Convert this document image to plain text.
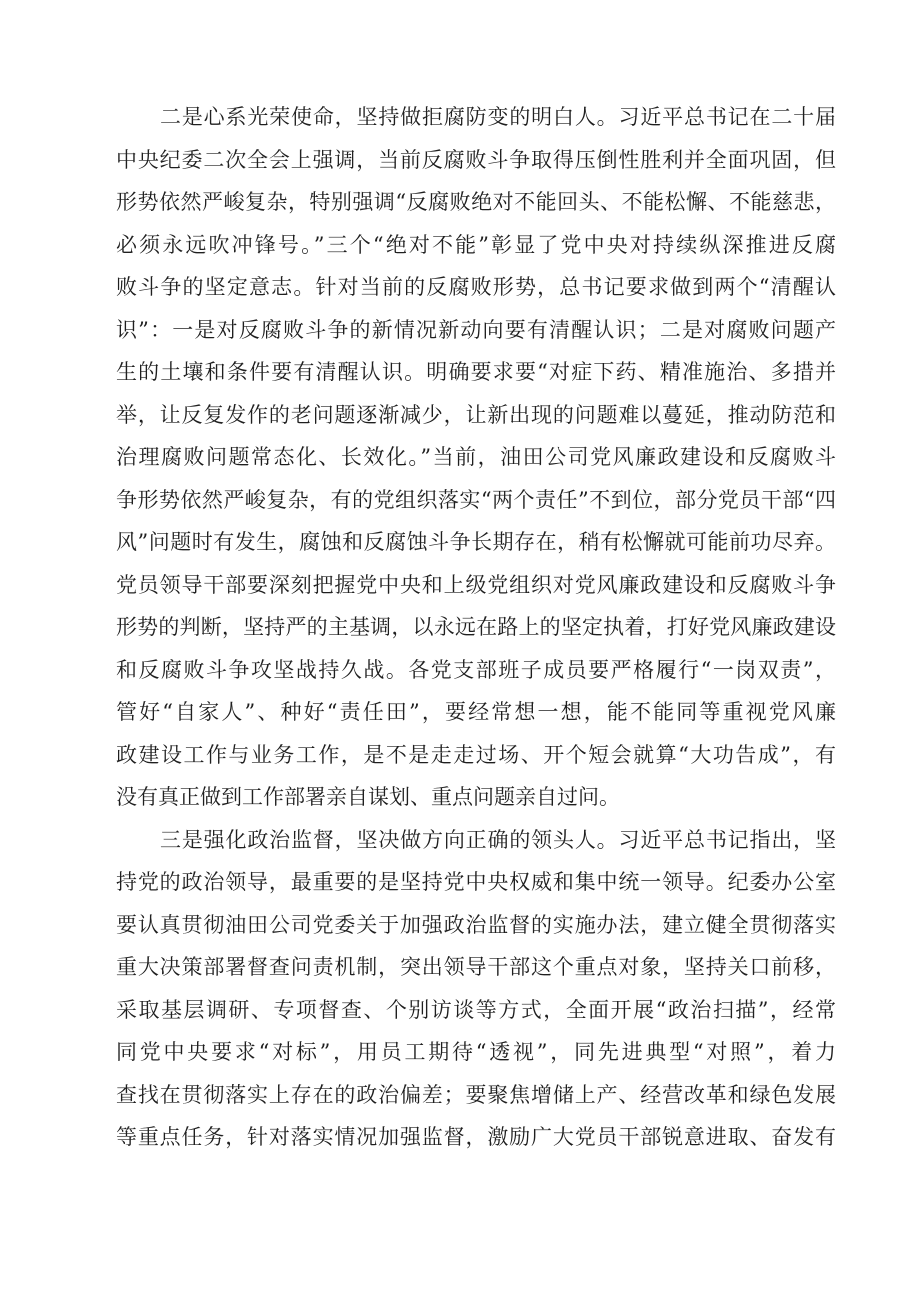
二是心系光荣使命，坚持做拒腐防变的明白人。习近平总书记在二十届
中央纪委二次全会上强调，当前反腐败斗争取得压倒性胜利并全面巩固，但
形势依然严峻复杂，特别强调“反腐败绝对不能回头、不能松懈、不能慈悲，
必须永远吹冲锋号。”三个“绝对不能”彰显了党中央对持续纵深推进反腐
败斗争的坚定意志。针对当前的反腐败形势，总书记要求做到两个“清醒认
识”：一是对反腐败斗争的新情况新动向要有清醒认识；二是对腐败问题产
生的土壤和条件要有清醒认识。明确要求要“对症下药、精准施治、多措并
举，让反复发作的老问题逐渐减少，让新出现的问题难以蔓延，推动防范和
治理腐败问题常态化、长效化。”当前，油田公司党风廉政建设和反腐败斗
争形势依然严峻复杂，有的党组织落实“两个责任”不到位，部分党员干部“四
风”问题时有发生，腐蚀和反腐蚀斗争长期存在，稍有松懈就可能前功尽弃。
党员领导干部要深刻把握党中央和上级党组织对党风廉政建设和反腐败斗争
形势的判断，坚持严的主基调，以永远在路上的坚定执着，打好党风廉政建设
和反腐败斗争攻坚战持久战。各党支部班子成员要严格履行“一岗双责”，
管好“自家人”、种好“责任田”，要经常想一想，能不能同等重视党风廉
政建设工作与业务工作，是不是走走过场、开个短会就算“大功告成”，有
没有真正做到工作部署亲自谋划、重点问题亲自过问。
三是强化政治监督，坚决做方向正确的领头人。习近平总书记指出，坚
持党的政治领导，最重要的是坚持党中央权威和集中统一领导。纪委办公室
要认真贯彻油田公司党委关于加强政治监督的实施办法，建立健全贯彻落实
重大决策部署督查问责机制，突出领导干部这个重点对象，坚持关口前移，
采取基层调研、专项督查、个别访谈等方式，全面开展“政治扫描”，经常
同党中央要求“对标”，用员工期待“透视”，同先进典型“对照”，着力
查找在贯彻落实上存在的政治偏差；要聚焦增储上产、经营改革和绿色发展
等重点任务，针对落实情况加强监督，激励广大党员干部锐意进取、奋发有
